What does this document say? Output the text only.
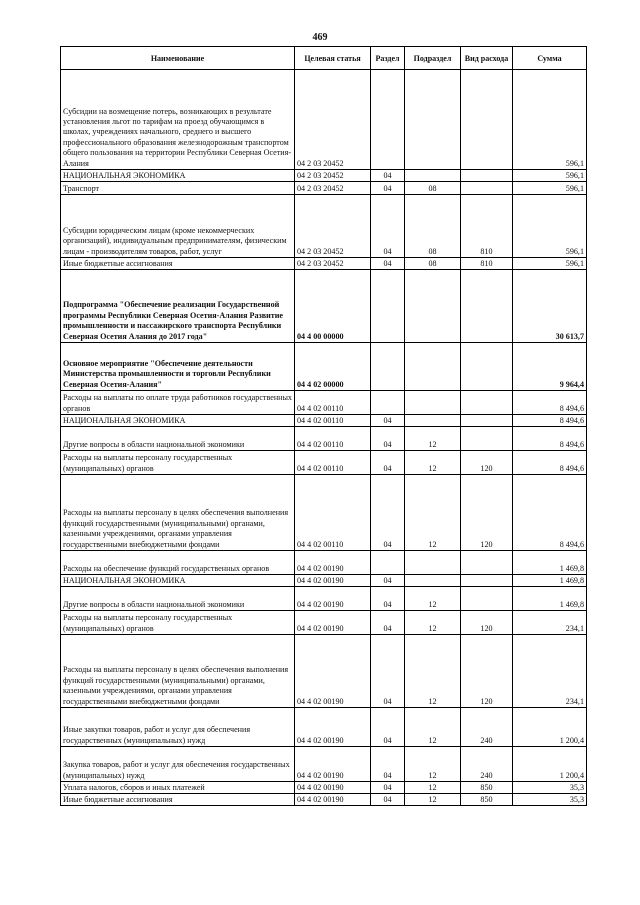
469
Наименование	Целевая статья	Раздел	Подраздел	Вид расхода	Сумма
Субсидии на возмещение потерь, возникающих в результате установления льгот по тарифам на проезд обучающимся в школах, учреждениях начального, среднего и высшего профессионального образования железнодорожным транспортом общего пользования на территории Республики Северная Осетия-Алания	04 2 03 20452				596,1
НАЦИОНАЛЬНАЯ ЭКОНОМИКА	04 2 03 20452	04			596,1
Транспорт	04 2 03 20452	04	08		596,1
Субсидии юридическим лицам (кроме некоммерческих организаций), индивидуальным предпринимателям, физическим лицам - производителям товаров, работ, услуг	04 2 03 20452	04	08	810	596,1
Иные бюджетные ассигнования	04 2 03 20452	04	08	810	596,1
Подпрограмма "Обеспечение реализации Государственной программы Республики Северная Осетия-Алания Развитие промышленности и пассажирского транспорта Республики Северная Осетия Алания до 2017 года"	04 4 00 00000				30 613,7
Основное мероприятие "Обеспечение деятельности Министерства промышленности и торговли Республики Северная Осетия-Алания"	04 4 02 00000				9 964,4
Расходы на выплаты по оплате труда работников государственных органов	04 4 02 00110				8 494,6
НАЦИОНАЛЬНАЯ ЭКОНОМИКА	04 4 02 00110	04			8 494,6
Другие вопросы в области национальной экономики	04 4 02 00110	04	12		8 494,6
Расходы на выплаты персоналу государственных (муниципальных) органов	04 4 02 00110	04	12	120	8 494,6
Расходы на выплаты персоналу в целях обеспечения выполнения функций государственными (муниципальными) органами, казенными учреждениями, органами управления государственными внебюджетными фондами	04 4 02 00110	04	12	120	8 494,6
Расходы на обеспечение функций государственных органов	04 4 02 00190				1 469,8
НАЦИОНАЛЬНАЯ ЭКОНОМИКА	04 4 02 00190	04			1 469,8
Другие вопросы в области национальной экономики	04 4 02 00190	04	12		1 469,8
Расходы на выплаты персоналу государственных (муниципальных) органов	04 4 02 00190	04	12	120	234,1
Расходы на выплаты персоналу в целях обеспечения выполнения функций государственными (муниципальными) органами, казенными учреждениями, органами управления государственными внебюджетными фондами	04 4 02 00190	04	12	120	234,1
Иные закупки товаров, работ и услуг для обеспечения государственных (муниципальных) нужд	04 4 02 00190	04	12	240	1 200,4
Закупка товаров, работ и услуг для обеспечения государственных (муниципальных) нужд	04 4 02 00190	04	12	240	1 200,4
Уплата налогов, сборов и иных платежей	04 4 02 00190	04	12	850	35,3
Иные бюджетные ассигнования	04 4 02 00190	04	12	850	35,3
